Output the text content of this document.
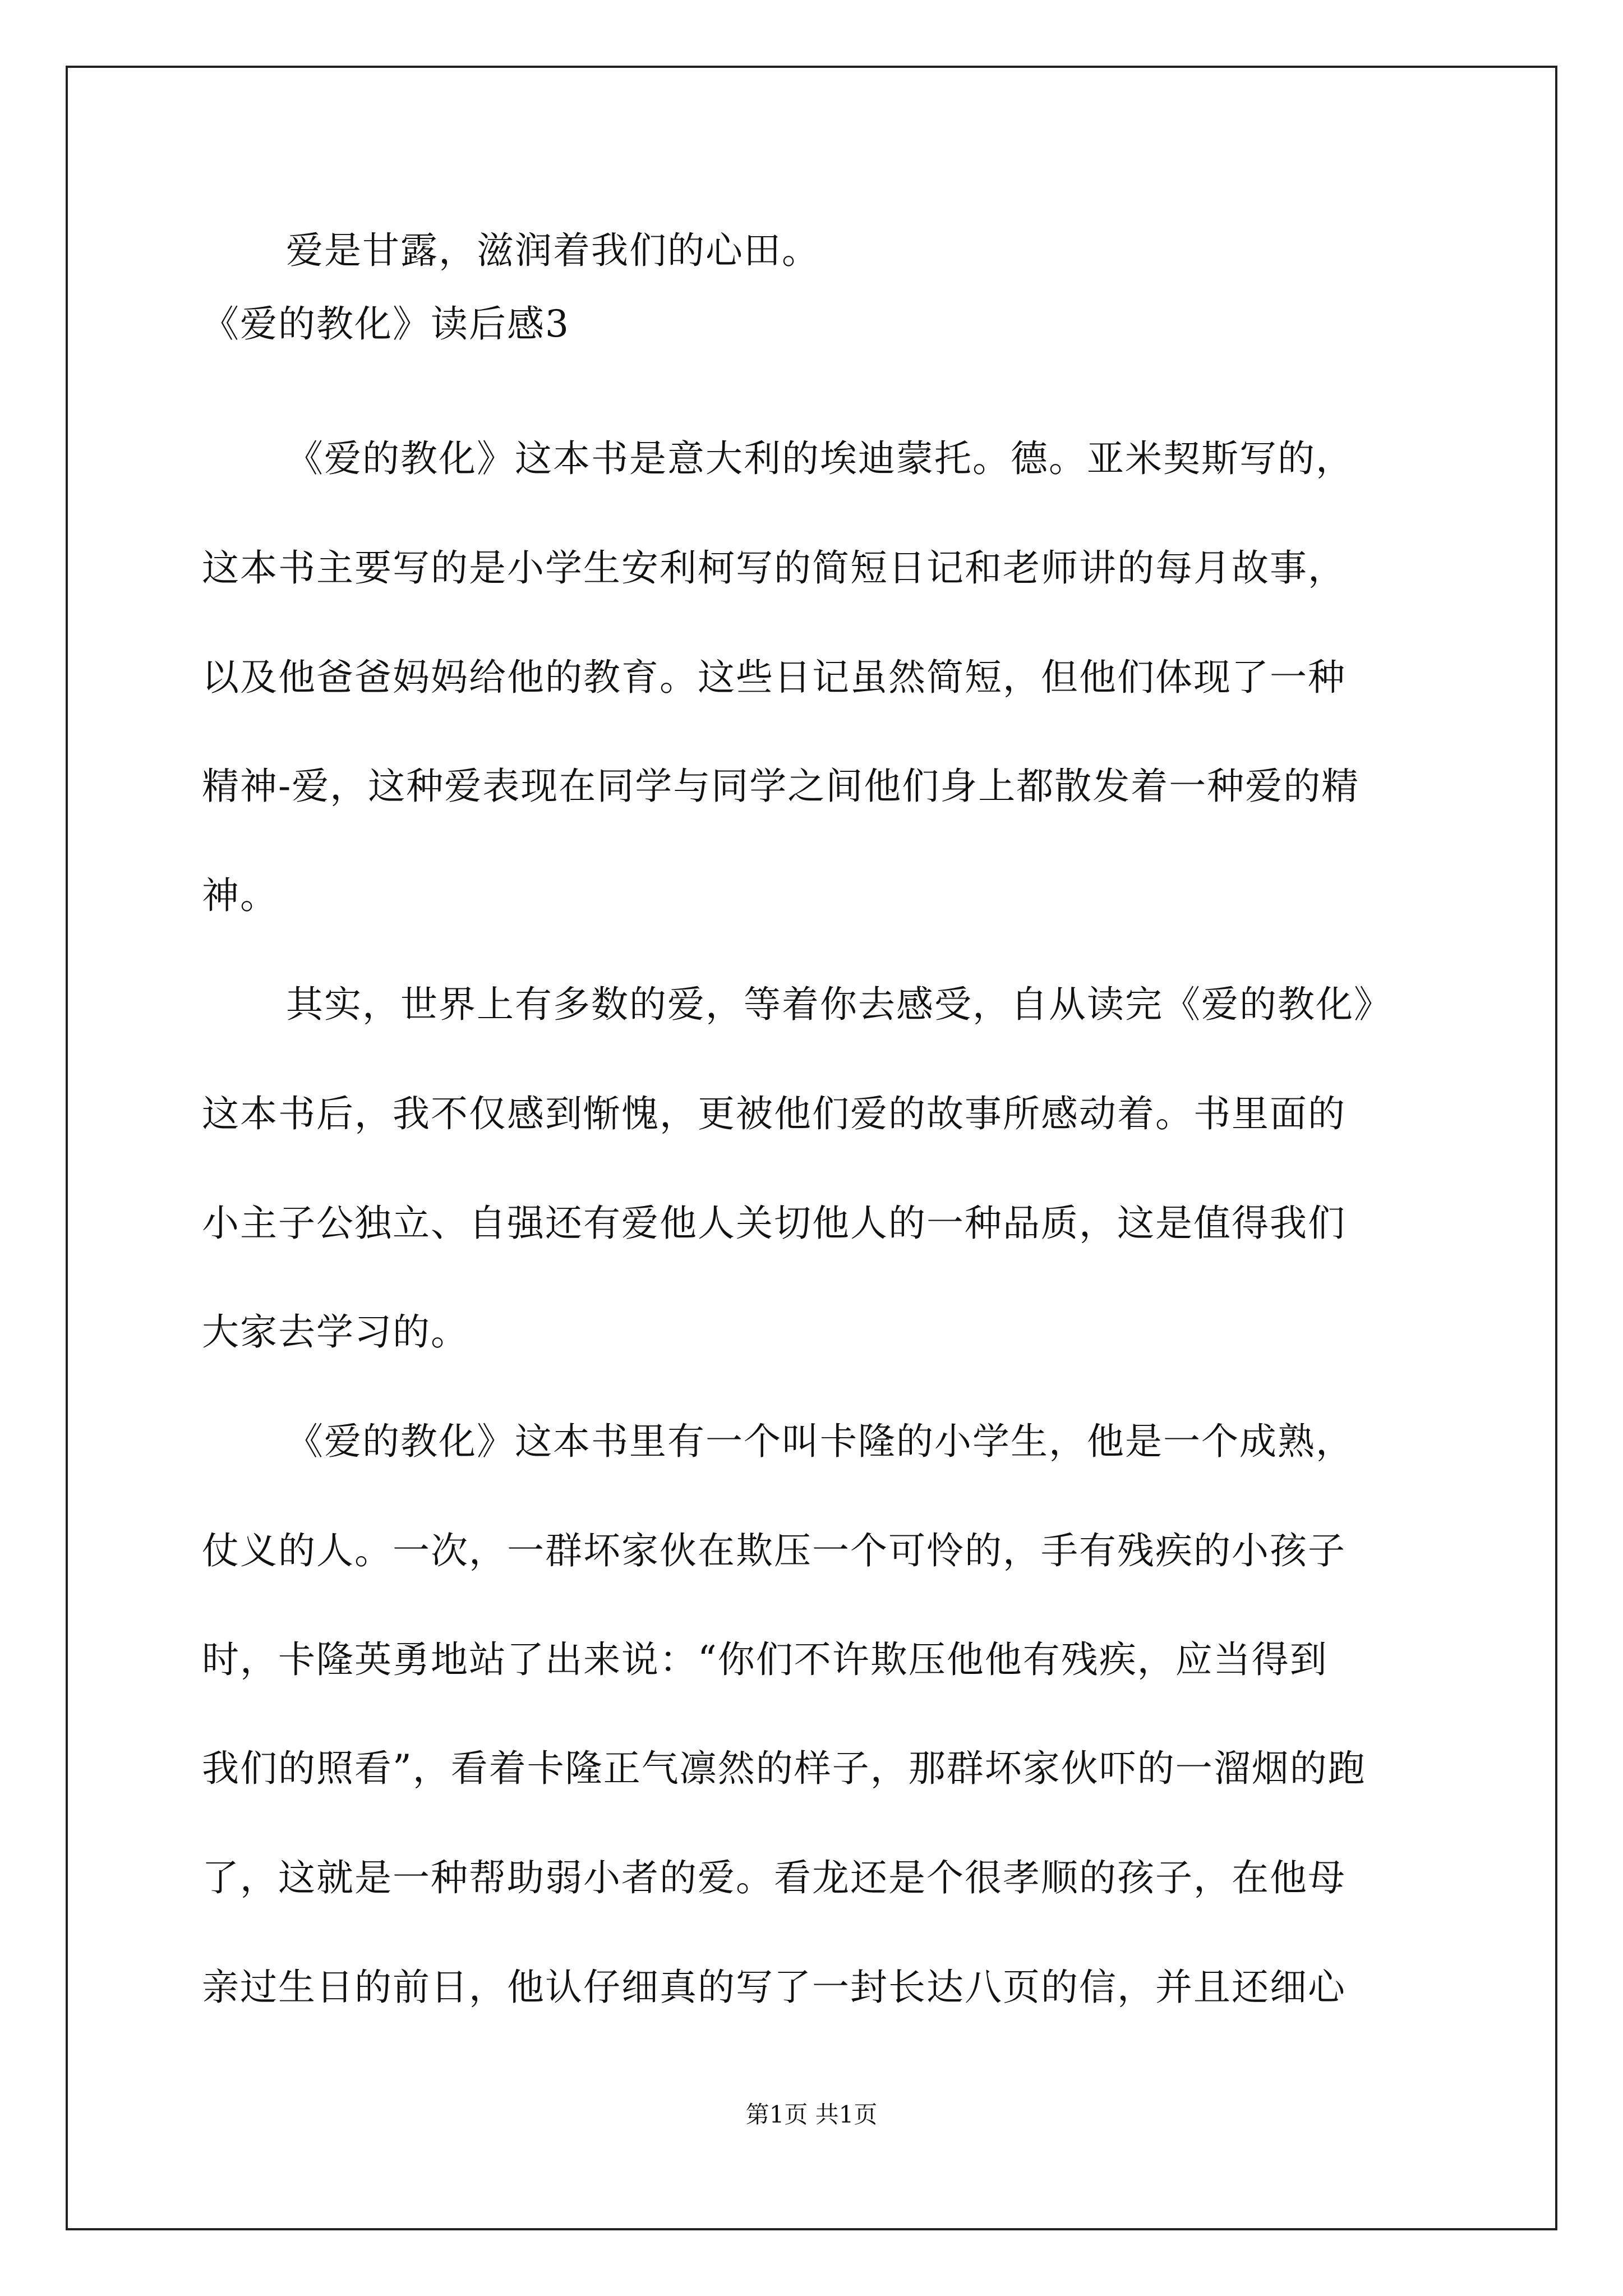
爱是甘露，滋润着我们的心田。
《爱的教化》读后感3
《爱的教化》这本书是意大利的埃迪蒙托。德。亚米契斯写的，
这本书主要写的是小学生安利柯写的简短日记和老师讲的每月故事，
以及他爸爸妈妈给他的教育。这些日记虽然简短，但他们体现了一种
精神-爱，这种爱表现在同学与同学之间他们身上都散发着一种爱的精
神。
其实，世界上有多数的爱，等着你去感受，自从读完《爱的教化》
这本书后，我不仅感到惭愧，更被他们爱的故事所感动着。书里面的
小主子公独立、自强还有爱他人关切他人的一种品质，这是值得我们
大家去学习的。
《爱的教化》这本书里有一个叫卡隆的小学生，他是一个成熟，
仗义的人。一次，一群坏家伙在欺压一个可怜的，手有残疾的小孩子
时，卡隆英勇地站了出来说：“你们不许欺压他他有残疾，应当得到
我们的照看”，看着卡隆正气凛然的样子，那群坏家伙吓的一溜烟的跑
了，这就是一种帮助弱小者的爱。看龙还是个很孝顺的孩子，在他母
亲过生日的前日，他认仔细真的写了一封长达八页的信，并且还细心
第1页 共1页
